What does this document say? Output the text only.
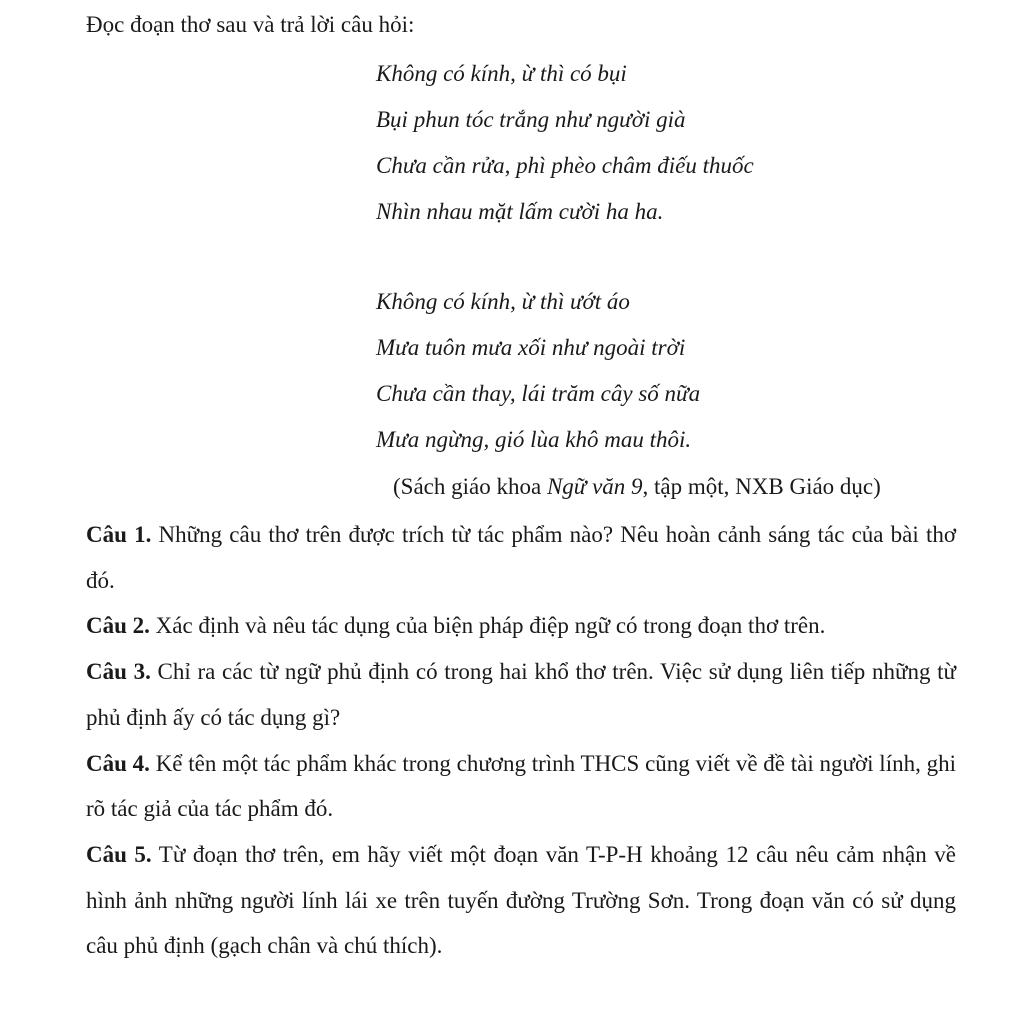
Đọc đoạn thơ sau và trả lời câu hỏi:
Không có kính, ừ thì có bụi
Bụi phun tóc trắng như người già
Chưa cần rửa, phì phèo châm điếu thuốc
Nhìn nhau mặt lấm cười ha ha.
Không có kính, ừ thì ướt áo
Mưa tuôn mưa xối như ngoài trời
Chưa cần thay, lái trăm cây số nữa
Mưa ngừng, gió lùa khô mau thôi.
(Sách giáo khoa Ngữ văn 9, tập một, NXB Giáo dục)

Câu 1. Những câu thơ trên được trích từ tác phẩm nào? Nêu hoàn cảnh sáng tác của bài thơ đó.

Câu 2. Xác định và nêu tác dụng của biện pháp điệp ngữ có trong đoạn thơ trên.

Câu 3. Chỉ ra các từ ngữ phủ định có trong hai khổ thơ trên. Việc sử dụng liên tiếp những từ phủ định ấy có tác dụng gì?

Câu 4. Kể tên một tác phẩm khác trong chương trình THCS cũng viết về đề tài người lính, ghi rõ tác giả của tác phẩm đó.

Câu 5. Từ đoạn thơ trên, em hãy viết một đoạn văn T-P-H khoảng 12 câu nêu cảm nhận về hình ảnh những người lính lái xe trên tuyến đường Trường Sơn. Trong đoạn văn có sử dụng câu phủ định (gạch chân và chú thích).
